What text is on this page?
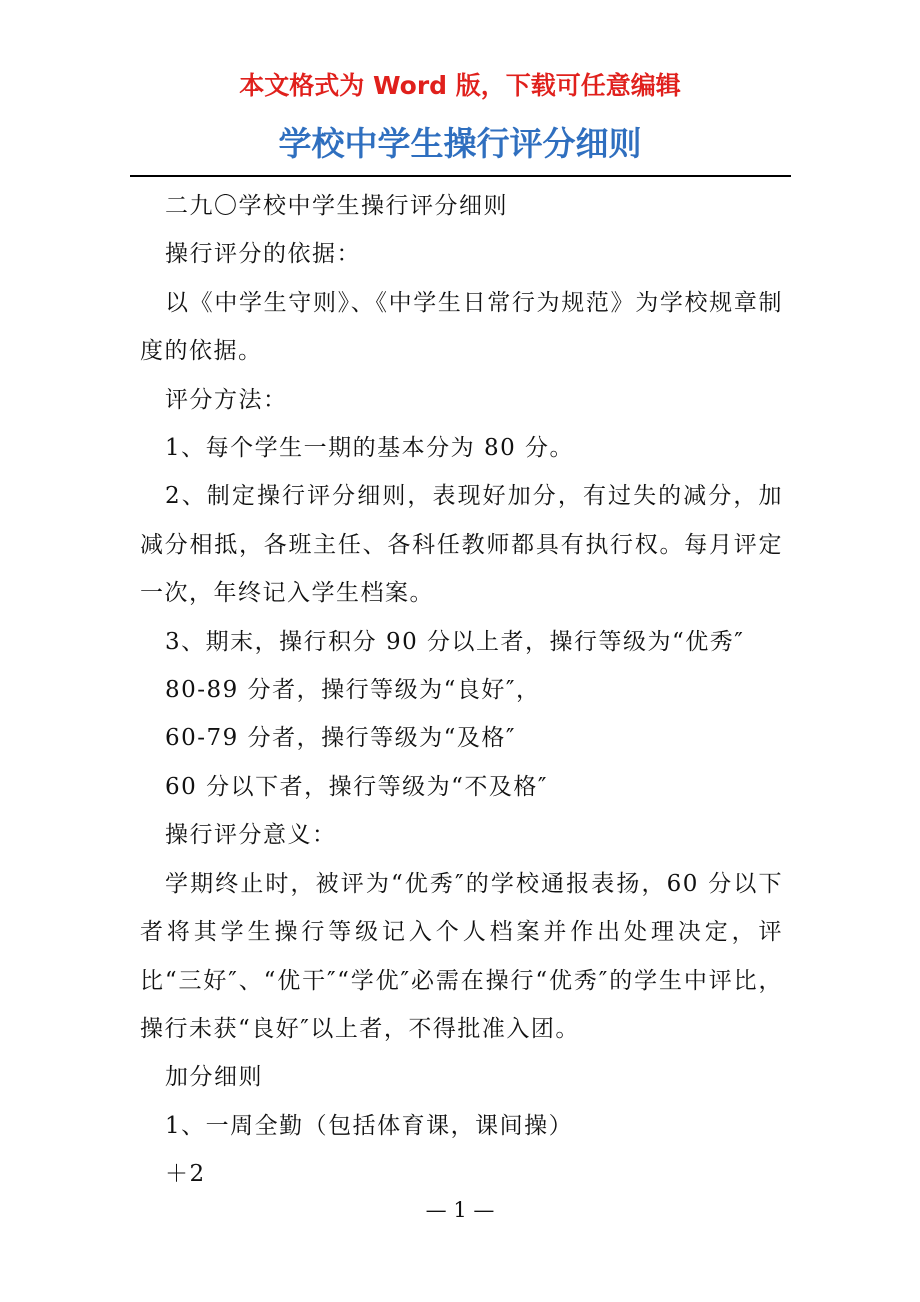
本文格式为 Word 版，下载可任意编辑
学校中学生操行评分细则

二九〇学校中学生操行评分细则

操行评分的依据：

以《中学生守则》、《中学生日常行为规范》为学校规章制度的依据。

评分方法：

1、每个学生一期的基本分为 80 分。

2、制定操行评分细则，表现好加分，有过失的减分，加减分相抵，各班主任、各科任教师都具有执行权。每月评定一次，年终记入学生档案。

3、期末，操行积分 90 分以上者，操行等级为“优秀″

80-89 分者，操行等级为“良好″，

60-79 分者，操行等级为“及格″

60 分以下者，操行等级为“不及格″

操行评分意义：

学期终止时，被评为“优秀″的学校通报表扬，60 分以下者将其学生操行等级记入个人档案并作出处理决定，评比“三好″、“优干″“学优″必需在操行“优秀″的学生中评比，操行未获“良好″以上者，不得批准入团。

加分细则

1、一周全勤（包括体育课，课间操）

＋2

— 1 —
